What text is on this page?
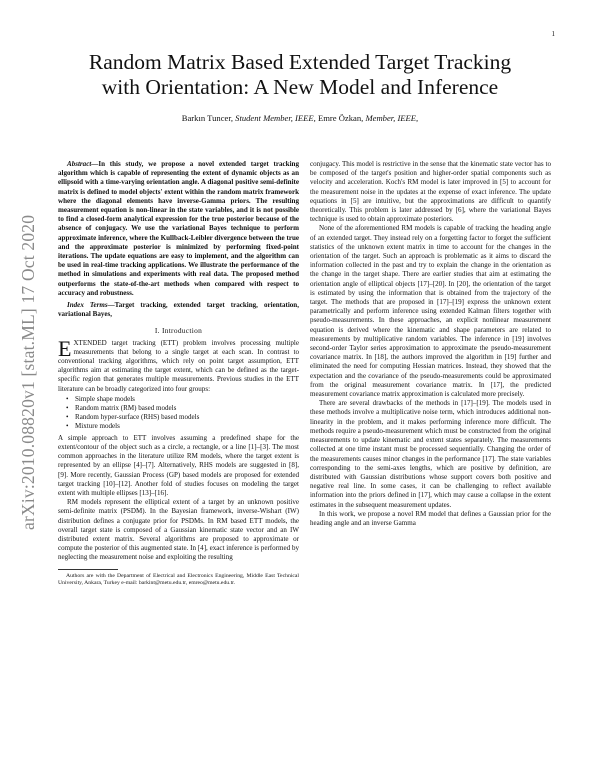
1
arXiv:2010.08820v1 [stat.ML] 17 Oct 2020
Random Matrix Based Extended Target Tracking
with Orientation: A New Model and Inference
Barkın Tuncer, Student Member, IEEE, Emre Özkan, Member, IEEE,

Abstract—In this study, we propose a novel extended target tracking algorithm which is capable of representing the extent of dynamic objects as an ellipsoid with a time-varying orientation angle. A diagonal positive semi-definite matrix is defined to model objects' extent within the random matrix framework where the diagonal elements have inverse-Gamma priors. The resulting measurement equation is non-linear in the state variables, and it is not possible to find a closed-form analytical expression for the true posterior because of the absence of conjugacy. We use the variational Bayes technique to perform approximate inference, where the Kullback-Leibler divergence between the true and the approximate posterior is minimized by performing fixed-point iterations. The update equations are easy to implement, and the algorithm can be used in real-time tracking applications. We illustrate the performance of the method in simulations and experiments with real data. The proposed method outperforms the state-of-the-art methods when compared with respect to accuracy and robustness.

Index Terms—Target tracking, extended target tracking, orientation, variational Bayes,

I. Introduction

EXTENDED target tracking (ETT) problem involves processing multiple measurements that belong to a single target at each scan. In contrast to conventional tracking algorithms, which rely on point target assumption, ETT algorithms aim at estimating the target extent, which can be defined as the target-specific region that generates multiple measurements. Previous studies in the ETT literature can be broadly categorized into four groups:

• Simple shape models
• Random matrix (RM) based models
• Random hyper-surface (RHS) based models
• Mixture models

A simple approach to ETT involves assuming a predefined shape for the extent/contour of the object such as a circle, a rectangle, or a line [1]–[3]. The most common approaches in the literature utilize RM models, where the target extent is represented by an ellipse [4]–[7]. Alternatively, RHS models are suggested in [8], [9]. More recently, Gaussian Process (GP) based models are proposed for extended target tracking [10]–[12]. Another fold of studies focuses on modeling the target extent with multiple ellipses [13]–[16].

RM models represent the elliptical extent of a target by an unknown positive semi-definite matrix (PSDM). In the Bayesian framework, inverse-Wishart (IW) distribution defines a conjugate prior for PSDMs. In RM based ETT models, the overall target state is composed of a Gaussian kinematic state vector and an IW distributed extent matrix. Several algorithms are proposed to approximate or compute the posterior of this augmented state. In [4], exact inference is performed by neglecting the measurement noise and exploiting the resulting

Authors are with the Department of Electrical and Electronics Engineering, Middle East Technical University, Ankara, Turkey e-mail: barkint@metu.edu.tr, emreo@metu.edu.tr.

conjugacy. This model is restrictive in the sense that the kinematic state vector has to be composed of the target's position and higher-order spatial components such as velocity and acceleration. Koch's RM model is later improved in [5] to account for the measurement noise in the updates at the expense of exact inference. The update equations in [5] are intuitive, but the approximations are difficult to quantify theoretically. This problem is later addressed by [6], where the variational Bayes technique is used to obtain approximate posteriors.

None of the aforementioned RM models is capable of tracking the heading angle of an extended target. They instead rely on a forgetting factor to forget the sufficient statistics of the unknown extent matrix in time to account for the changes in the orientation of the target. Such an approach is problematic as it aims to discard the information collected in the past and try to explain the change in the orientation as the change in the target shape. There are earlier studies that aim at estimating the orientation angle of elliptical objects [17]–[20]. In [20], the orientation of the target is estimated by using the information that is obtained from the trajectory of the target. The methods that are proposed in [17]–[19] express the unknown extent parametrically and perform inference using extended Kalman filters together with pseudo-measurements. In these approaches, an explicit nonlinear measurement equation is derived where the kinematic and shape parameters are related to measurements by multiplicative random variables. The inference in [19] involves second-order Taylor series approximation to approximate the pseudo-measurement covariance matrix. In [18], the authors improved the algorithm in [19] further and eliminated the need for computing Hessian matrices. Instead, they showed that the expectation and the covariance of the pseudo-measurements could be approximated from the original measurement covariance matrix. In [17], the predicted measurement covariance matrix approximation is calculated more precisely.

There are several drawbacks of the methods in [17]–[19]. The models used in these methods involve a multiplicative noise term, which introduces additional non-linearity in the problem, and it makes performing inference more difficult. The methods require a pseudo-measurement which must be constructed from the original measurements to update kinematic and extent states separately. The measurements collected at one time instant must be processed sequentially. Changing the order of the measurements causes minor changes in the performance [17]. The state variables corresponding to the semi-axes lengths, which are positive by definition, are distributed with Gaussian distributions whose support covers both positive and negative real line. In some cases, it can be challenging to reflect available information into the priors defined in [17], which may cause a collapse in the extent estimates in the subsequent measurement updates.

In this work, we propose a novel RM model that defines a Gaussian prior for the heading angle and an inverse Gamma
